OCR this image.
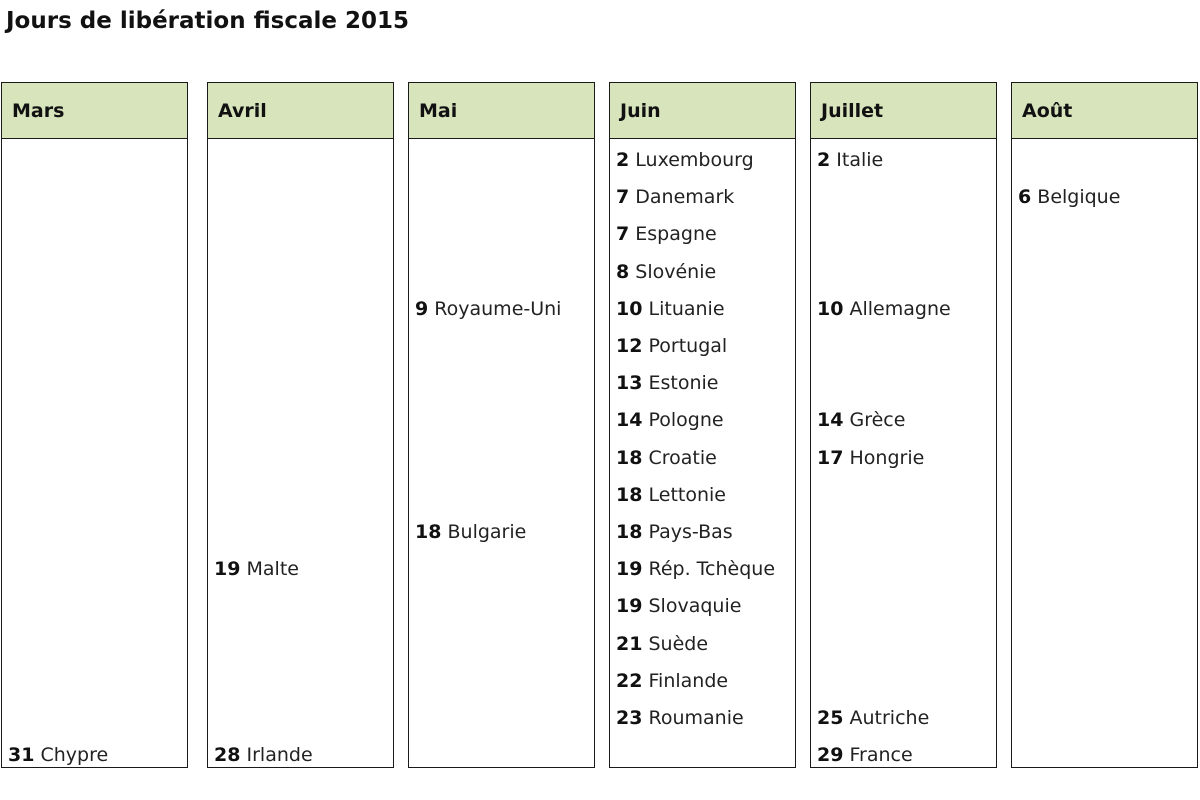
Jours de libération fiscale 2015
Mars
31 Chypre
Avril
19 Malte
28 Irlande
Mai
9 Royaume-Uni
18 Bulgarie
Juin
2 Luxembourg
7 Danemark
7 Espagne
8 Slovénie
10 Lituanie
12 Portugal
13 Estonie
14 Pologne
18 Croatie
18 Lettonie
18 Pays-Bas
19 Rép. Tchèque
19 Slovaquie
21 Suède
22 Finlande
23 Roumanie
Juillet
2 Italie
10 Allemagne
14 Grèce
17 Hongrie
25 Autriche
29 France
Août
6 Belgique
